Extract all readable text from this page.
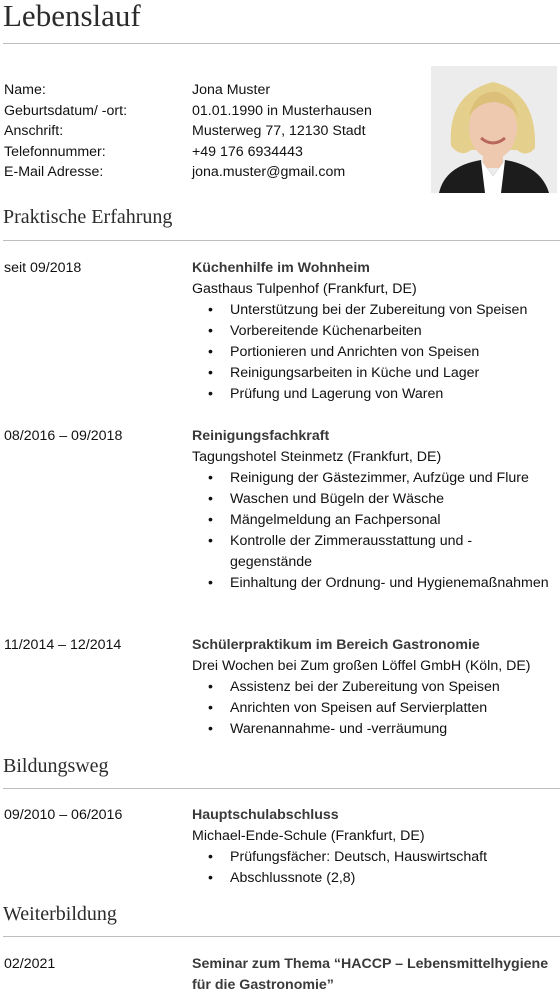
Lebenslauf
Name:	Jona Muster
Geburtsdatum/ -ort:	01.01.1990 in Musterhausen
Anschrift:	Musterweg 77, 12130 Stadt
Telefonnummer:	+49 176 6934443
E-Mail Adresse:	jona.muster@gmail.com
Praktische Erfahrung
seit 09/2018	Küchenhilfe im Wohnheim
Gasthaus Tulpenhof (Frankfurt, DE)
• Unterstützung bei der Zubereitung von Speisen
• Vorbereitende Küchenarbeiten
• Portionieren und Anrichten von Speisen
• Reinigungsarbeiten in Küche und Lager
• Prüfung und Lagerung von Waren
08/2016 – 09/2018	Reinigungsfachkraft
Tagungshotel Steinmetz (Frankfurt, DE)
• Reinigung der Gästezimmer, Aufzüge und Flure
• Waschen und Bügeln der Wäsche
• Mängelmeldung an Fachpersonal
• Kontrolle der Zimmerausstattung und -gegenstände
• Einhaltung der Ordnung- und Hygienemaßnahmen
11/2014 – 12/2014	Schülerpraktikum im Bereich Gastronomie
Drei Wochen bei Zum großen Löffel GmbH (Köln, DE)
• Assistenz bei der Zubereitung von Speisen
• Anrichten von Speisen auf Servierplatten
• Warenannahme- und -verräumung
Bildungsweg
09/2010 – 06/2016	Hauptschulabschluss
Michael-Ende-Schule (Frankfurt, DE)
• Prüfungsfächer: Deutsch, Hauswirtschaft
• Abschlussnote (2,8)
Weiterbildung
02/2021	Seminar zum Thema “HACCP – Lebensmittelhygiene für die Gastronomie”
